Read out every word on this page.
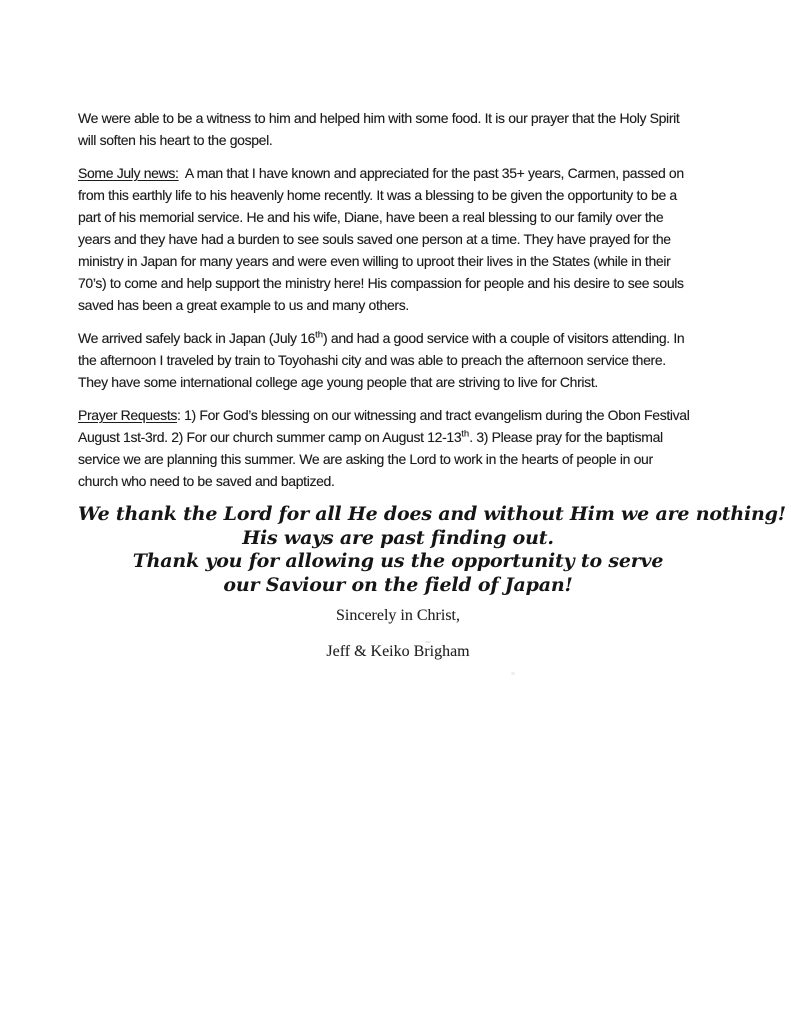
We were able to be a witness to him and helped him with some food. It is our prayer that the Holy Spirit
will soften his heart to the gospel.

Some July news:  A man that I have known and appreciated for the past 35+ years, Carmen, passed on
from this earthly life to his heavenly home recently. It was a blessing to be given the opportunity to be a
part of his memorial service. He and his wife, Diane, have been a real blessing to our family over the
years and they have had a burden to see souls saved one person at a time. They have prayed for the
ministry in Japan for many years and were even willing to uproot their lives in the States (while in their
70’s) to come and help support the ministry here! His compassion for people and his desire to see souls
saved has been a great example to us and many others.

We arrived safely back in Japan (July 16th) and had a good service with a couple of visitors attending. In
the afternoon I traveled by train to Toyohashi city and was able to preach the afternoon service there.
They have some international college age young people that are striving to live for Christ.

Prayer Requests: 1) For God’s blessing on our witnessing and tract evangelism during the Obon Festival
August 1st-3rd. 2) For our church summer camp on August 12-13th. 3) Please pray for the baptismal
service we are planning this summer. We are asking the Lord to work in the hearts of people in our
church who need to be saved and baptized.

We thank the Lord for all He does and without Him we are nothing!
His ways are past finding out.
Thank you for allowing us the opportunity to serve
our Saviour on the field of Japan!
Sincerely in Christ,
Jeff & Keiko Brigham
